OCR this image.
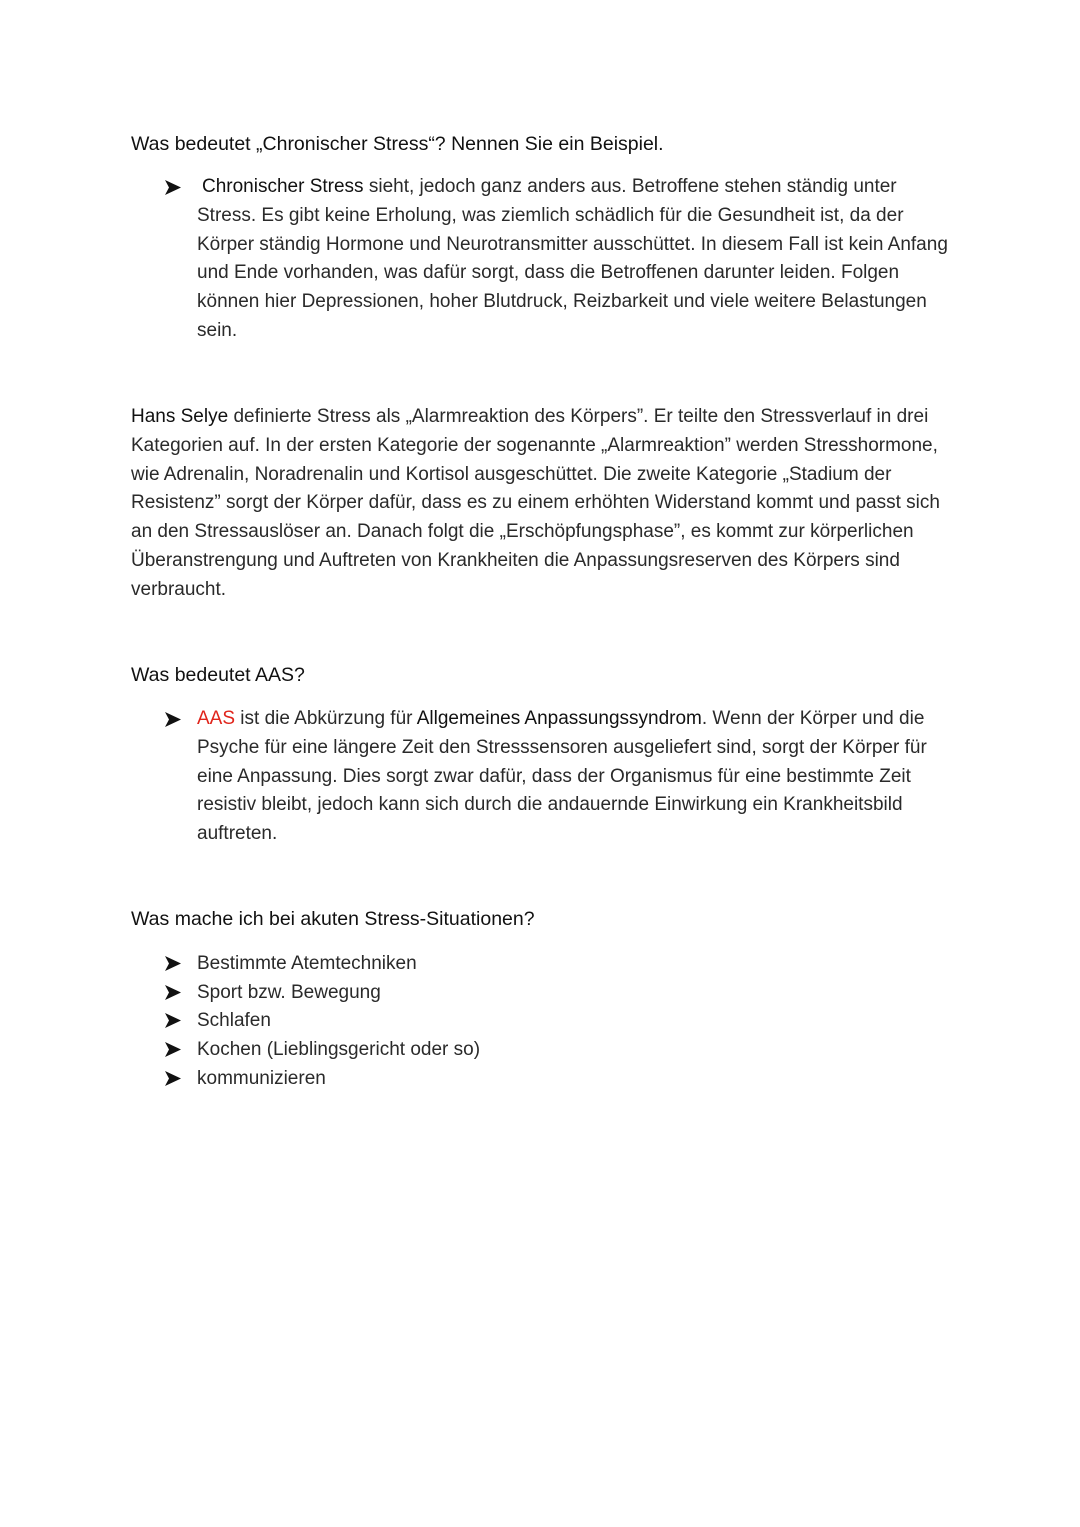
Was bedeutet „Chronischer Stress“? Nennen Sie ein Beispiel.
Chronischer Stress sieht, jedoch ganz anders aus. Betroffene stehen ständig unter Stress. Es gibt keine Erholung, was ziemlich schädlich für die Gesundheit ist, da der Körper ständig Hormone und Neurotransmitter ausschüttet. In diesem Fall ist kein Anfang und Ende vorhanden, was dafür sorgt, dass die Betroffenen darunter leiden. Folgen können hier Depressionen, hoher Blutdruck, Reizbarkeit und viele weitere Belastungen sein.
Hans Selye definierte Stress als „Alarmreaktion des Körpers”. Er teilte den Stressverlauf in drei Kategorien auf. In der ersten Kategorie der sogenannte „Alarmreaktion” werden Stresshormone, wie Adrenalin, Noradrenalin und Kortisol ausgeschüttet. Die zweite Kategorie „Stadium der Resistenz” sorgt der Körper dafür, dass es zu einem erhöhten Widerstand kommt und passt sich an den Stressauslöser an. Danach folgt die „Erschöpfungsphase”, es kommt zur körperlichen Überanstrengung und Auftreten von Krankheiten die Anpassungsreserven des Körpers sind verbraucht.
Was bedeutet AAS?
AAS ist die Abkürzung für Allgemeines Anpassungssyndrom. Wenn der Körper und die Psyche für eine längere Zeit den Stresssensoren ausgeliefert sind, sorgt der Körper für eine Anpassung. Dies sorgt zwar dafür, dass der Organismus für eine bestimmte Zeit resistiv bleibt, jedoch kann sich durch die andauernde Einwirkung ein Krankheitsbild auftreten.
Was mache ich bei akuten Stress-Situationen?
Bestimmte Atemtechniken
Sport bzw. Bewegung
Schlafen
Kochen (Lieblingsgericht oder so)
kommunizieren
